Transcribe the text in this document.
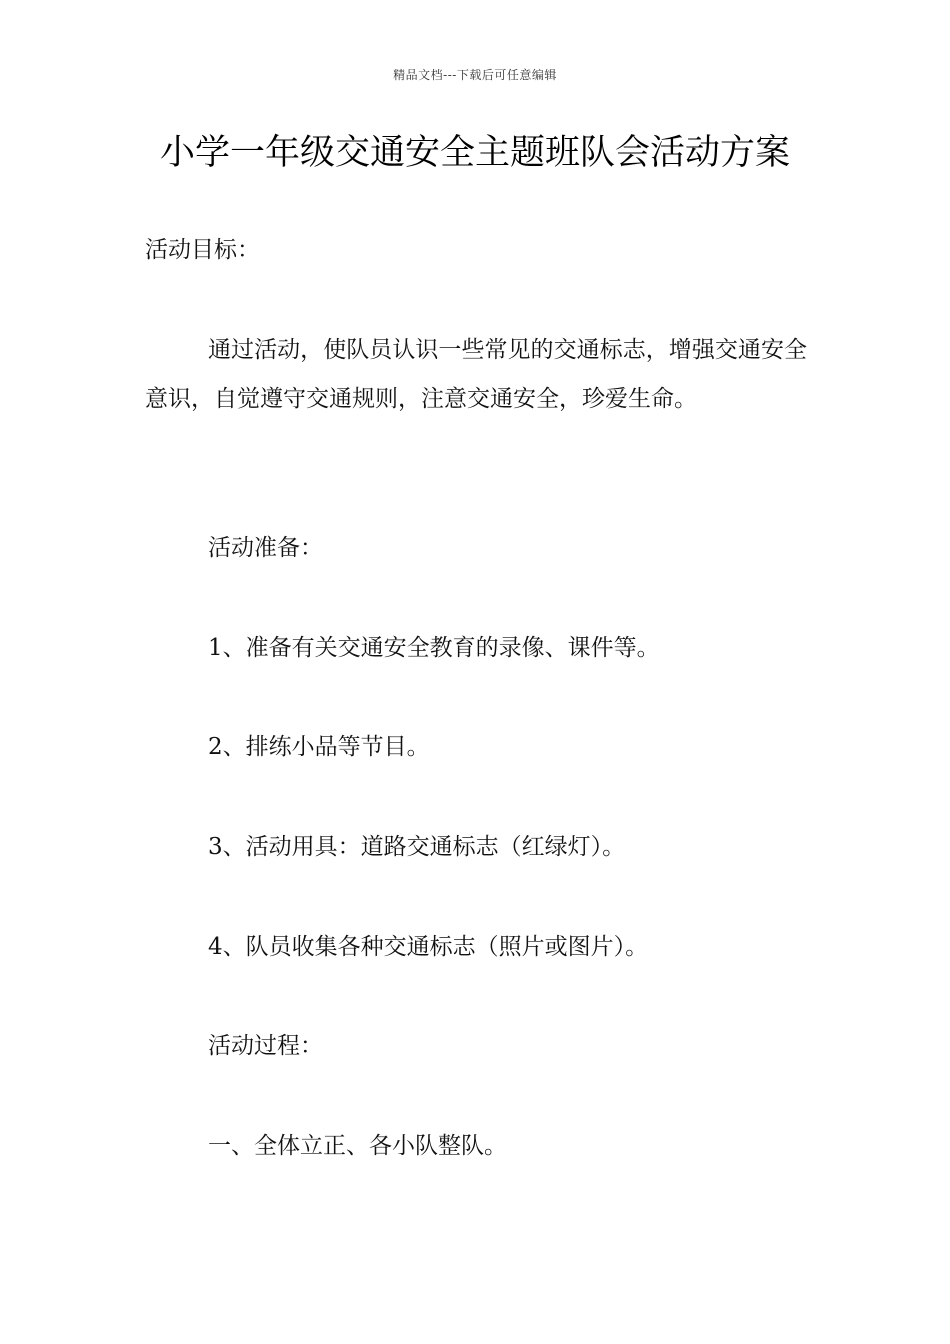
精品文档---下载后可任意编辑
小学一年级交通安全主题班队会活动方案

活动目标：

通过活动，使队员认识一些常见的交通标志，增强交通安全意识，自觉遵守交通规则，注意交通安全，珍爱生命。

活动准备：

1、准备有关交通安全教育的录像、课件等。

2、排练小品等节目。

3、活动用具：道路交通标志（红绿灯）。

4、队员收集各种交通标志（照片或图片）。

活动过程：

一、全体立正、各小队整队。
